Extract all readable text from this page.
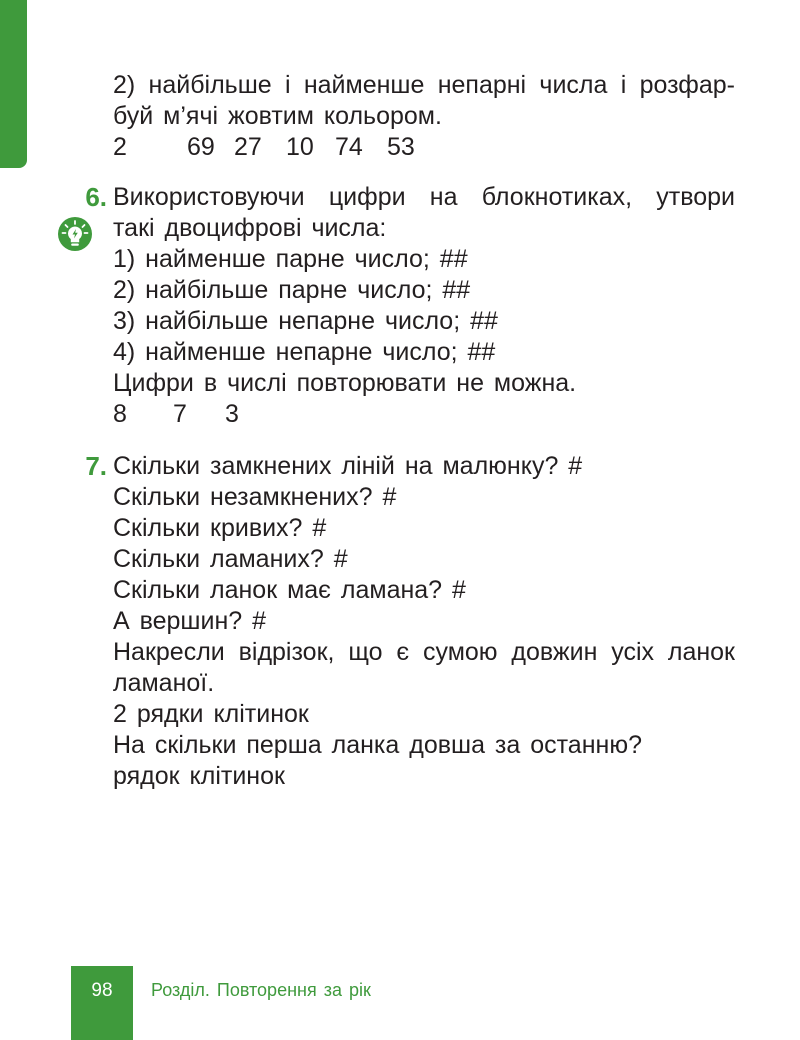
2) найбільше і найменше непарні числа і розфар-
буй м’ячі жовтим кольором.
2 69 27 10 74 53
6. Використовуючи цифри на блокнотиках, утвори
такі двоцифрові числа:
1) найменше парне число; ##
2) найбільше парне число; ##
3) найбільше непарне число; ##
4) найменше непарне число; ##
Цифри в числі повторювати не можна.
8 7 3
7. Скільки замкнених ліній на малюнку? #
Скільки незамкнених? #
Скільки кривих? #
Скільки ламаних? #
Скільки ланок має ламана? #
А вершин? #
Накресли відрізок, що є сумою довжин усіх ланок
ламаної.
2 рядки клітинок
На скільки перша ланка довша за останню?
рядок клітинок
98 Розділ. Повторення за рік
